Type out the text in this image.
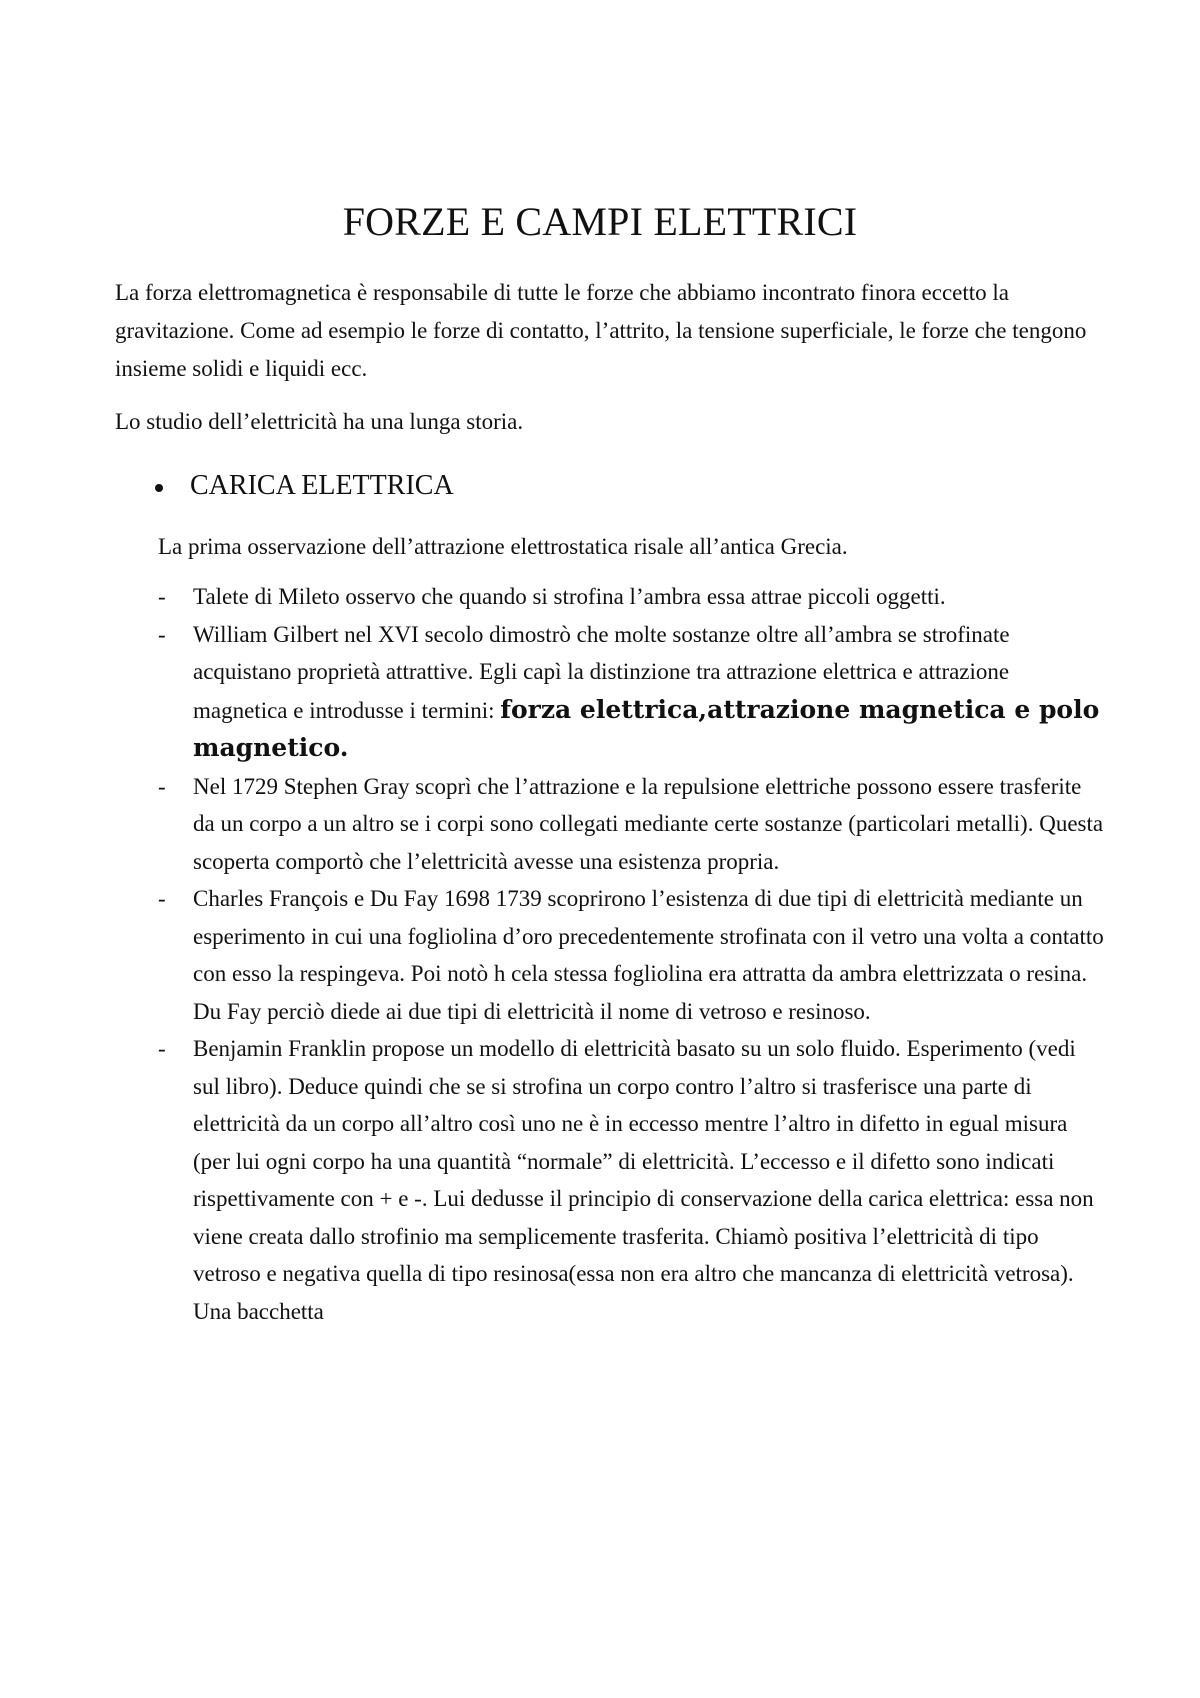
FORZE E CAMPI ELETTRICI

La forza elettromagnetica è responsabile di tutte le forze che abbiamo incontrato finora eccetto la gravitazione. Come ad esempio le forze di contatto, l’attrito, la tensione superficiale, le forze che tengono insieme solidi e liquidi ecc.

Lo studio dell’elettricità ha una lunga storia.

CARICA ELETTRICA

La prima osservazione dell’attrazione elettrostatica risale all’antica Grecia.

- Talete di Mileto osservo che quando si strofina l’ambra essa attrae piccoli oggetti.
- William Gilbert nel XVI secolo dimostrò che molte sostanze oltre all’ambra se strofinate acquistano proprietà attrattive. Egli capì la distinzione tra attrazione elettrica e attrazione magnetica e introdusse i termini: forza elettrica,attrazione magnetica e polo magnetico.
- Nel 1729 Stephen Gray scoprì che l’attrazione e la repulsione elettriche possono essere trasferite da un corpo a un altro se i corpi sono collegati mediante certe sostanze (particolari metalli). Questa scoperta comportò che l’elettricità avesse una esistenza propria.
- Charles François e Du Fay 1698 1739 scoprirono l’esistenza di due tipi di elettricità mediante un esperimento in cui una fogliolina d’oro precedentemente strofinata con il vetro una volta a contatto con esso la respingeva. Poi notò h cela stessa fogliolina era attratta da ambra elettrizzata o resina. Du Fay perciò diede ai due tipi di elettricità il nome di vetroso e resinoso.
- Benjamin Franklin propose un modello di elettricità basato su un solo fluido. Esperimento (vedi sul libro). Deduce quindi che se si strofina un corpo contro l’altro si trasferisce una parte di elettricità da un corpo all’altro così uno ne è in eccesso mentre l’altro in difetto in egual misura (per lui ogni corpo ha una quantità “normale” di elettricità. L’eccesso e il difetto sono indicati rispettivamente con + e -. Lui dedusse il principio di conservazione della carica elettrica: essa non viene creata dallo strofinio ma semplicemente trasferita. Chiamò positiva l’elettricità di tipo vetroso e negativa quella di tipo resinosa(essa non era altro che mancanza di elettricità vetrosa). Una bacchetta
